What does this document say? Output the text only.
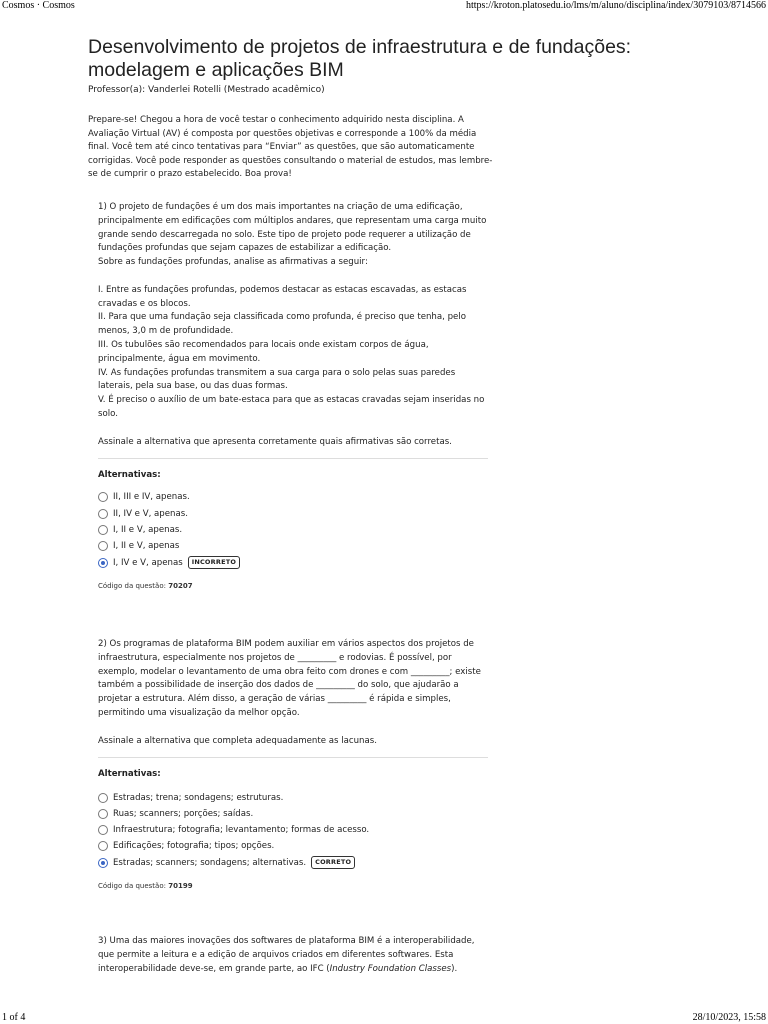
Cosmos · Cosmos	https://kroton.platosedu.io/lms/m/aluno/disciplina/index/3079103/8714566
Desenvolvimento de projetos de infraestrutura e de fundações:
modelagem e aplicações BIM
Professor(a): Vanderlei Rotelli (Mestrado acadêmico)
Prepare-se! Chegou a hora de você testar o conhecimento adquirido nesta disciplina. A
Avaliação Virtual (AV) é composta por questões objetivas e corresponde a 100% da média
final. Você tem até cinco tentativas para “Enviar” as questões, que são automaticamente
corrigidas. Você pode responder as questões consultando o material de estudos, mas lembre-
se de cumprir o prazo estabelecido. Boa prova!

1) O projeto de fundações é um dos mais importantes na criação de uma edificação,

principalmente em edificações com múltiplos andares, que representam uma carga muito

grande sendo descarregada no solo. Este tipo de projeto pode requerer a utilização de

fundações profundas que sejam capazes de estabilizar a edificação.

Sobre as fundações profundas, analise as afirmativas a seguir:

I. Entre as fundações profundas, podemos destacar as estacas escavadas, as estacas

cravadas e os blocos.

II. Para que uma fundação seja classificada como profunda, é preciso que tenha, pelo

menos, 3,0 m de profundidade.

III. Os tubulões são recomendados para locais onde existam corpos de água,

principalmente, água em movimento.

IV. As fundações profundas transmitem a sua carga para o solo pelas suas paredes

laterais, pela sua base, ou das duas formas.

V. É preciso o auxílio de um bate-estaca para que as estacas cravadas sejam inseridas no

solo.

Assinale a alternativa que apresenta corretamente quais afirmativas são corretas.

Alternativas:
II, III e IV, apenas.
II, IV e V, apenas.
I, II e V, apenas.
I, II e V, apenas
I, IV e V, apenas	INCORRETO
Código da questão: 70207

2) Os programas de plataforma BIM podem auxiliar em vários aspectos dos projetos de

infraestrutura, especialmente nos projetos de _________ e rodovias. É possível, por

exemplo, modelar o levantamento de uma obra feito com drones e com _________; existe

também a possibilidade de inserção dos dados de _________ do solo, que ajudarão a

projetar a estrutura. Além disso, a geração de várias _________ é rápida e simples,

permitindo uma visualização da melhor opção.

Assinale a alternativa que completa adequadamente as lacunas.

Alternativas:
Estradas; trena; sondagens; estruturas.
Ruas; scanners; porções; saídas.
Infraestrutura; fotografia; levantamento; formas de acesso.
Edificações; fotografia; tipos; opções.
Estradas; scanners; sondagens; alternativas.	CORRETO
Código da questão: 70199

3) Uma das maiores inovações dos softwares de plataforma BIM é a interoperabilidade,

que permite a leitura e a edição de arquivos criados em diferentes softwares. Esta

interoperabilidade deve-se, em grande parte, ao IFC (Industry Foundation Classes).

1 of 4	28/10/2023, 15:58
